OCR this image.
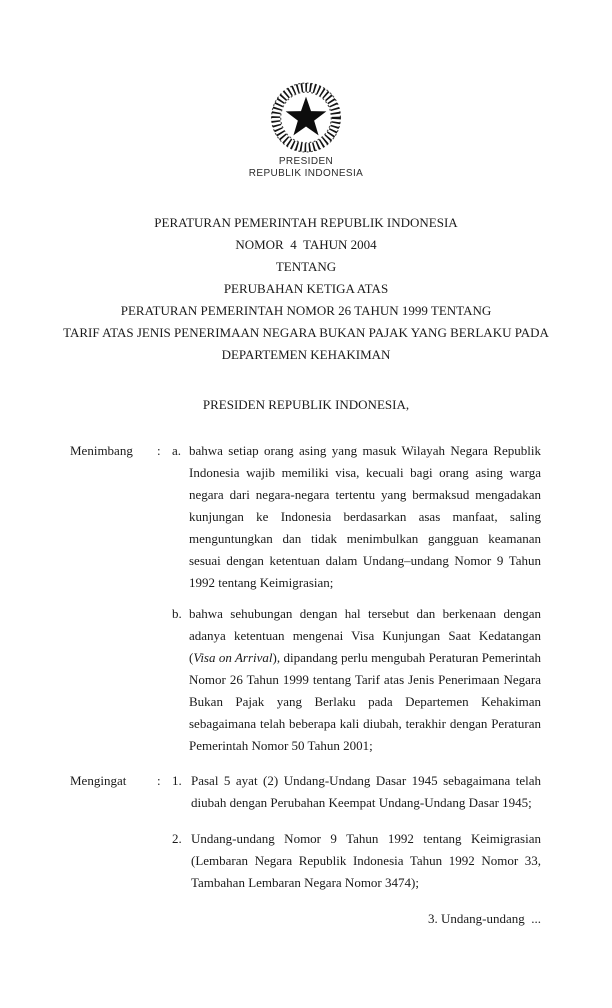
PRESIDEN
REPUBLIK INDONESIA
PERATURAN PEMERINTAH REPUBLIK INDONESIA
NOMOR  4  TAHUN 2004
TENTANG
PERUBAHAN KETIGA ATAS
PERATURAN PEMERINTAH NOMOR 26 TAHUN 1999 TENTANG
TARIF ATAS JENIS PENERIMAAN NEGARA BUKAN PAJAK YANG BERLAKU PADA
DEPARTEMEN KEHAKIMAN
PRESIDEN REPUBLIK INDONESIA,
Menimbang	: a. bahwa setiap orang asing yang masuk Wilayah Negara Republik Indonesia wajib memiliki visa, kecuali bagi orang asing warga negara dari negara-negara tertentu yang bermaksud mengadakan kunjungan ke Indonesia berdasarkan asas manfaat, saling menguntungkan dan tidak menimbulkan gangguan keamanan sesuai dengan ketentuan dalam Undang–undang Nomor 9 Tahun 1992 tentang Keimigrasian;
b. bahwa sehubungan dengan hal tersebut dan berkenaan dengan adanya ketentuan mengenai Visa Kunjungan Saat Kedatangan (Visa on Arrival), dipandang perlu mengubah Peraturan Pemerintah Nomor 26 Tahun 1999 tentang Tarif atas Jenis Penerimaan Negara Bukan Pajak yang Berlaku pada Departemen Kehakiman sebagaimana telah beberapa kali diubah, terakhir dengan Peraturan Pemerintah Nomor 50 Tahun 2001;
Mengingat	: 1. Pasal 5 ayat (2) Undang-Undang Dasar 1945 sebagaimana telah diubah dengan Perubahan Keempat Undang-Undang Dasar 1945;
2. Undang-undang Nomor 9 Tahun 1992 tentang Keimigrasian (Lembaran Negara Republik Indonesia Tahun 1992 Nomor 33, Tambahan Lembaran Negara Nomor 3474);
3. Undang-undang  ...
